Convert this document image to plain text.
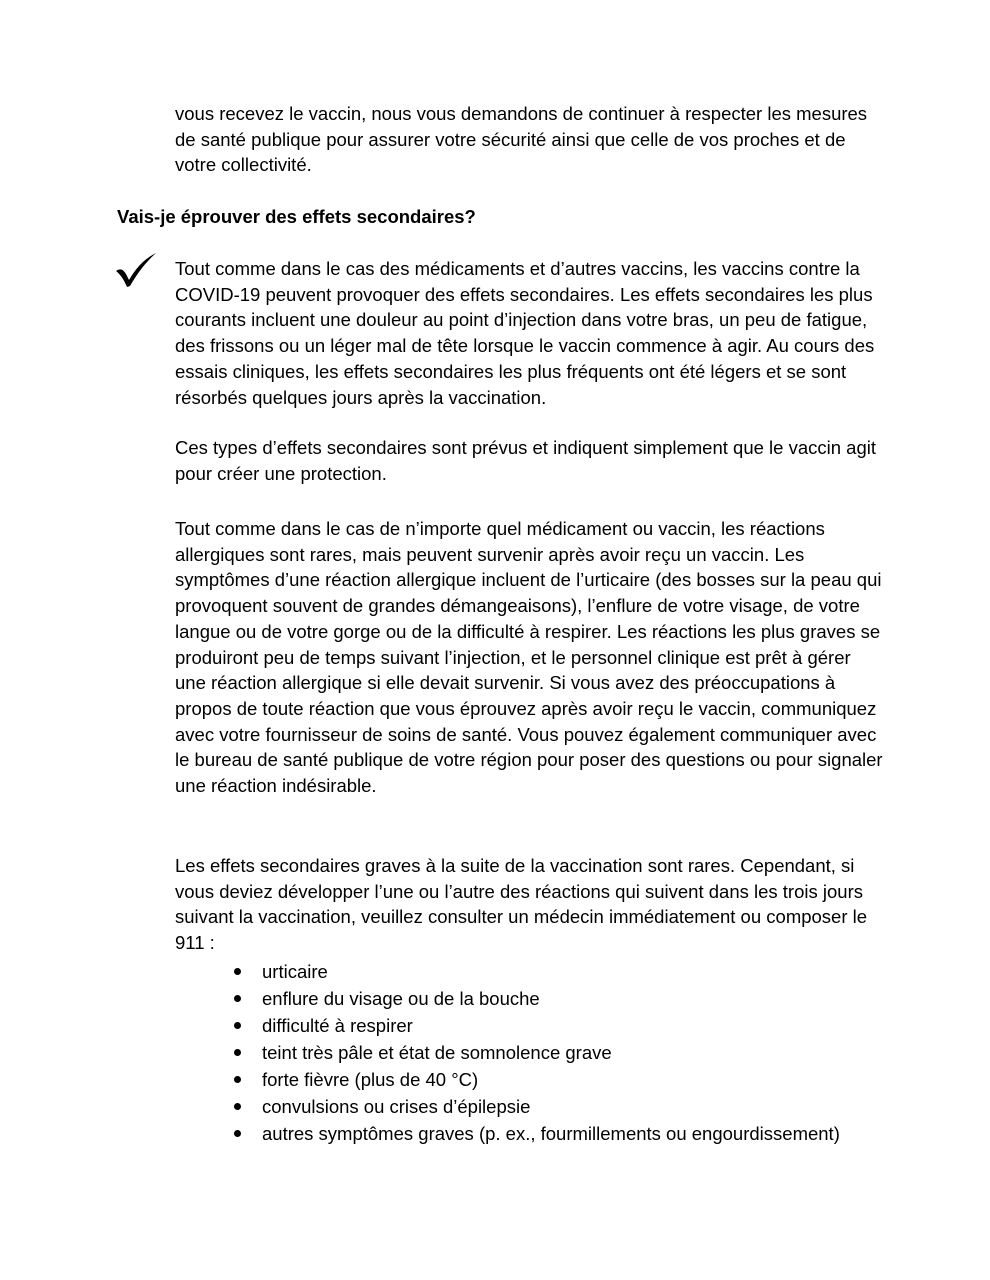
vous recevez le vaccin, nous vous demandons de continuer à respecter les mesures de santé publique pour assurer votre sécurité ainsi que celle de vos proches et de votre collectivité.

Vais-je éprouver des effets secondaires?

Tout comme dans le cas des médicaments et d’autres vaccins, les vaccins contre la COVID-19 peuvent provoquer des effets secondaires. Les effets secondaires les plus courants incluent une douleur au point d’injection dans votre bras, un peu de fatigue, des frissons ou un léger mal de tête lorsque le vaccin commence à agir. Au cours des essais cliniques, les effets secondaires les plus fréquents ont été légers et se sont résorbés quelques jours après la vaccination.

Ces types d’effets secondaires sont prévus et indiquent simplement que le vaccin agit pour créer une protection.

Tout comme dans le cas de n’importe quel médicament ou vaccin, les réactions allergiques sont rares, mais peuvent survenir après avoir reçu un vaccin. Les symptômes d’une réaction allergique incluent de l’urticaire (des bosses sur la peau qui provoquent souvent de grandes démangeaisons), l’enflure de votre visage, de votre langue ou de votre gorge ou de la difficulté à respirer. Les réactions les plus graves se produiront peu de temps suivant l’injection, et le personnel clinique est prêt à gérer une réaction allergique si elle devait survenir. Si vous avez des préoccupations à propos de toute réaction que vous éprouvez après avoir reçu le vaccin, communiquez avec votre fournisseur de soins de santé. Vous pouvez également communiquer avec le bureau de santé publique de votre région pour poser des questions ou pour signaler une réaction indésirable.

Les effets secondaires graves à la suite de la vaccination sont rares. Cependant, si vous deviez développer l’une ou l’autre des réactions qui suivent dans les trois jours suivant la vaccination, veuillez consulter un médecin immédiatement ou composer le 911 :

urticaire
enflure du visage ou de la bouche
difficulté à respirer
teint très pâle et état de somnolence grave
forte fièvre (plus de 40 °C)
convulsions ou crises d’épilepsie
autres symptômes graves (p. ex., fourmillements ou engourdissement)
